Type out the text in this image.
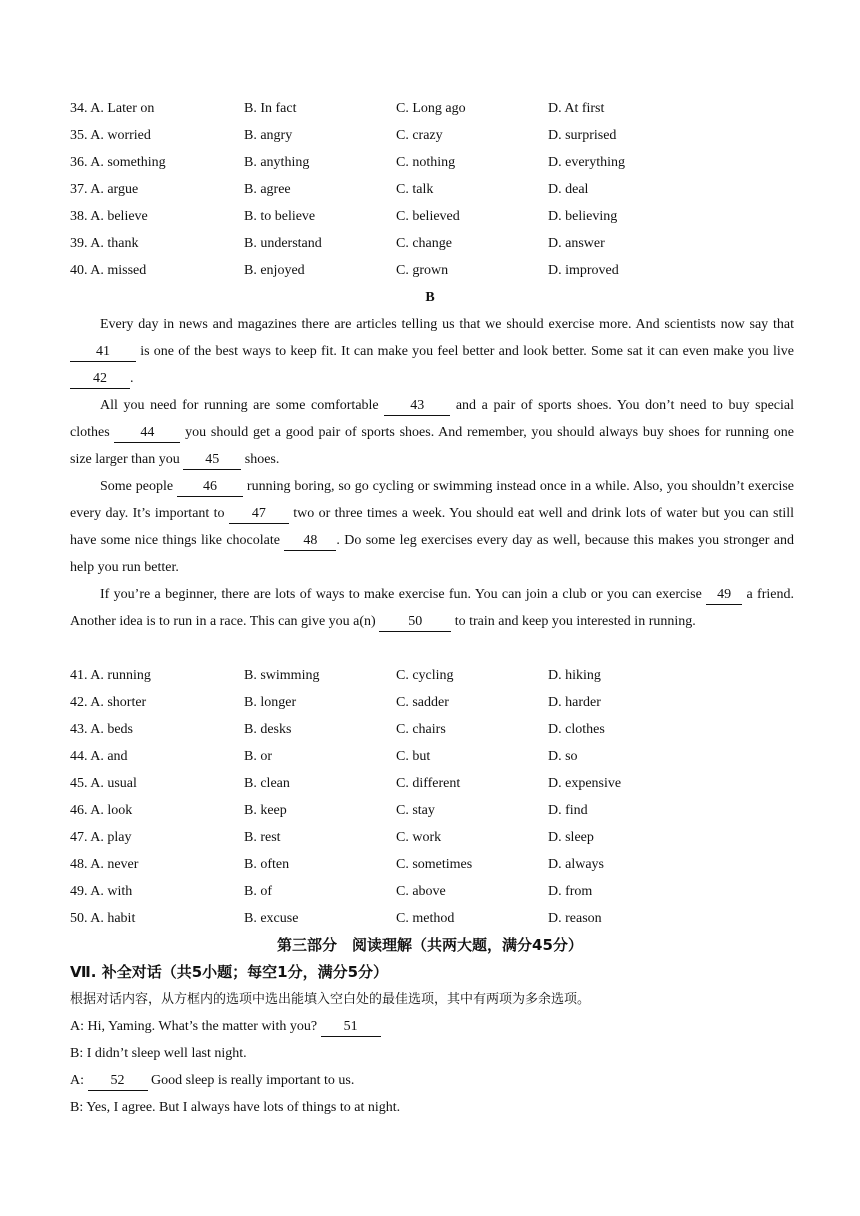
34. A. Later on	B. In fact	C. Long ago	D. At first
35. A. worried	B. angry	C. crazy	D. surprised
36. A. something	B. anything	C. nothing	D. everything
37. A. argue	B. agree	C. talk	D. deal
38. A. believe	B. to believe	C. believed	D. believing
39. A. thank	B. understand	C. change	D. answer
40. A. missed	B. enjoyed	C. grown	D. improved
B

Every day in news and magazines there are articles telling us that we should exercise more. And scientists now say that 41 is one of the best ways to keep fit. It can make you feel better and look better. Some sat it can even make you live 42 .

All you need for running are some comfortable 43 and a pair of sports shoes. You don’t need to buy special clothes 44 you should get a good pair of sports shoes. And remember, you should always buy shoes for running one size larger than you 45 shoes.

Some people 46 running boring, so go cycling or swimming instead once in a while. Also, you shouldn’t exercise every day. It’s important to 47 two or three times a week. You should eat well and drink lots of water but you can still have some nice things like chocolate 48 . Do some leg exercises every day as well, because this makes you stronger and help you run better.

If you’re a beginner, there are lots of ways to make exercise fun. You can join a club or you can exercise 49 a friend. Another idea is to run in a race. This can give you a(n) 50 to train and keep you interested in running.

41. A. running	B. swimming	C. cycling	D. hiking
42. A. shorter	B. longer	C. sadder	D. harder
43. A. beds	B. desks	C. chairs	D. clothes
44. A. and	B. or	C. but	D. so
45. A. usual	B. clean	C. different	D. expensive
46. A. look	B. keep	C. stay	D. find
47. A. play	B. rest	C. work	D. sleep
48. A. never	B. often	C. sometimes	D. always
49. A. with	B. of	C. above	D. from
50. A. habit	B. excuse	C. method	D. reason
第三部分　阅读理解（共两大题，满分45分）
Ⅶ. 补全对话（共5小题；每空1分，满分5分）
根据对话内容，从方框内的选项中选出能填入空白处的最佳选项，其中有两项为多余选项。
A: Hi, Yaming. What’s the matter with you? 51
B: I didn’t sleep well last night.
A: 52 Good sleep is really important to us.
B: Yes, I agree. But I always have lots of things to at night.
